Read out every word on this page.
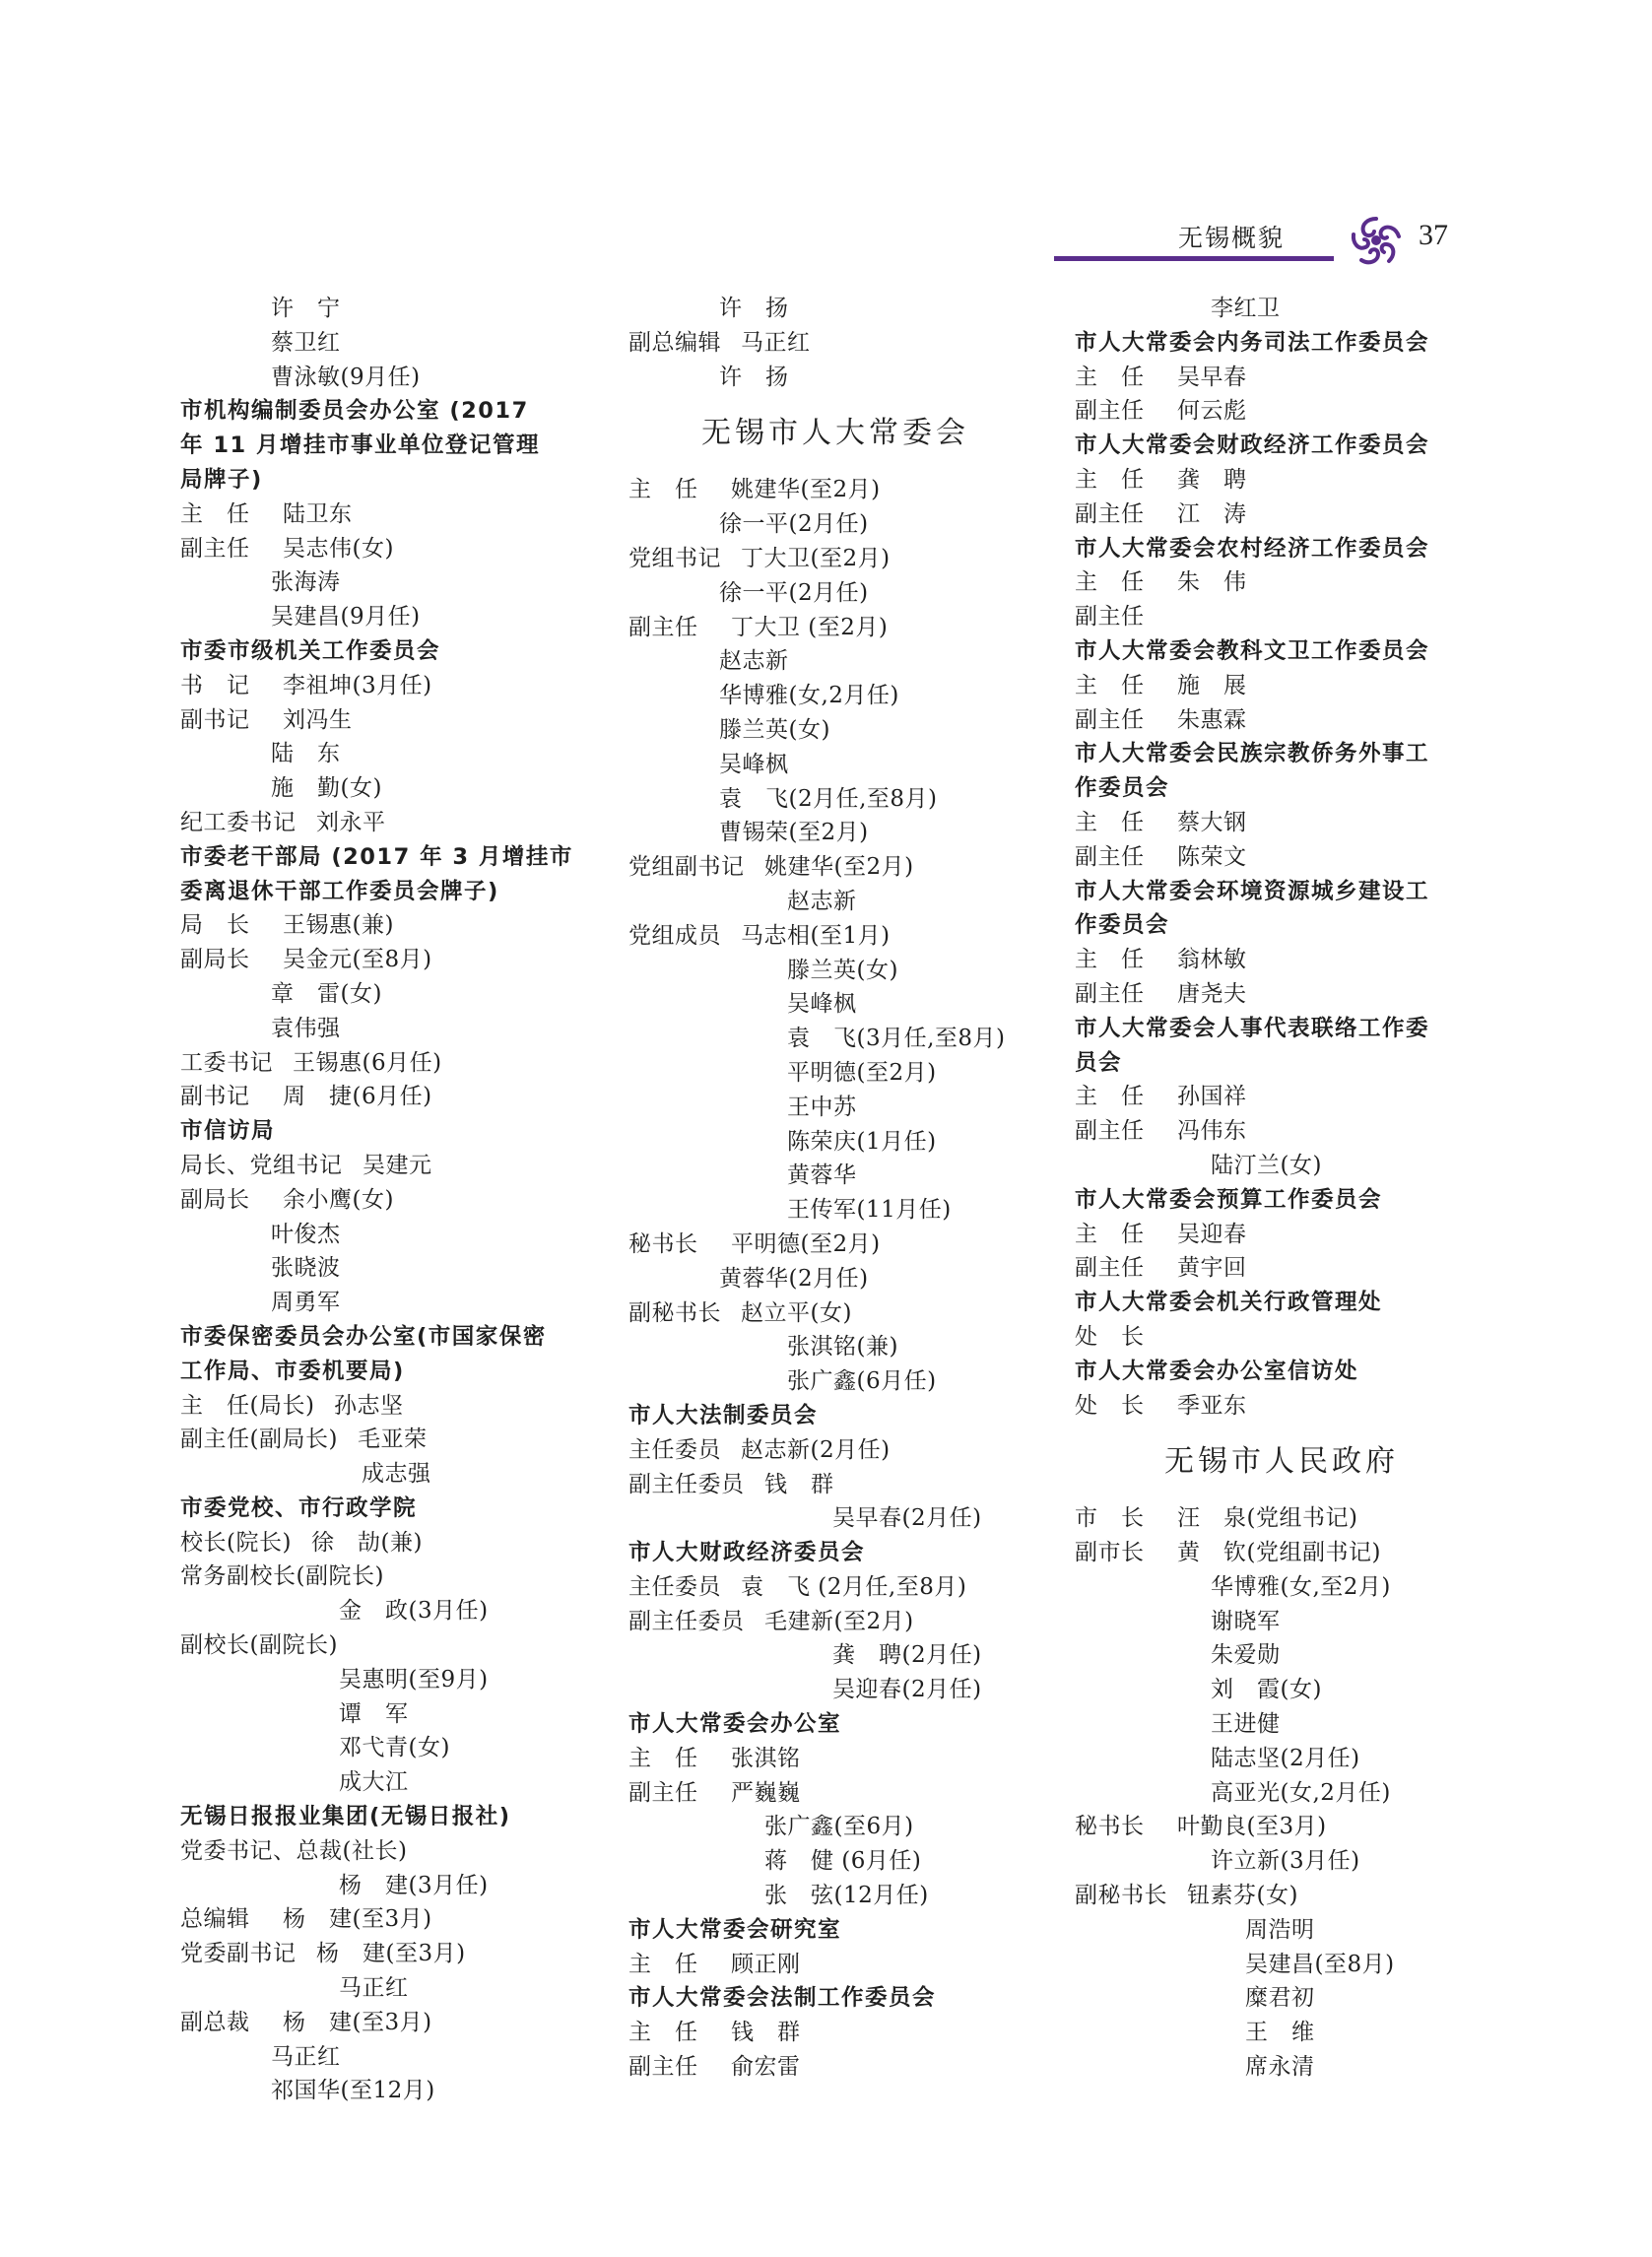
无锡概貌	37
许　宁
蔡卫红
曹泳敏(9月任)
市机构编制委员会办公室 (2017
年 11 月增挂市事业单位登记管理
局牌子)
主　任 陆卫东
副主任 吴志伟(女)
张海涛
吴建昌(9月任)
市委市级机关工作委员会
书　记 李祖坤(3月任)
副书记 刘冯生
陆　东
施　勤(女)
纪工委书记 刘永平
市委老干部局 (2017 年 3 月增挂市
委离退休干部工作委员会牌子)
局　长 王锡惠(兼)
副局长 吴金元(至8月)
章　雷(女)
袁伟强
工委书记 王锡惠(6月任)
副书记 周　捷(6月任)
市信访局
局长、党组书记 吴建元
副局长 余小鹰(女)
叶俊杰
张晓波
周勇军
市委保密委员会办公室(市国家保密
工作局、市委机要局)
主　任(局长) 孙志坚
副主任(副局长) 毛亚荣
成志强
市委党校、市行政学院
校长(院长) 徐　劼(兼)
常务副校长(副院长)
金　政(3月任)
副校长(副院长)
吴惠明(至9月)
谭　军
邓弋青(女)
成大江
无锡日报报业集团(无锡日报社)
党委书记、总裁(社长)
杨　建(3月任)
总编辑 杨　建(至3月)
党委副书记 杨　建(至3月)
马正红
副总裁 杨　建(至3月)
马正红
祁国华(至12月)
许　扬
副总编辑 马正红
许　扬
无锡市人大常委会
主　任 姚建华(至2月)
徐一平(2月任)
党组书记 丁大卫(至2月)
徐一平(2月任)
副主任 丁大卫 (至2月)
赵志新
华博雅(女,2月任)
滕兰英(女)
吴峰枫
袁　飞(2月任,至8月)
曹锡荣(至2月)
党组副书记 姚建华(至2月)
赵志新
党组成员 马志相(至1月)
滕兰英(女)
吴峰枫
袁　飞(3月任,至8月)
平明德(至2月)
王中苏
陈荣庆(1月任)
黄蓉华
王传军(11月任)
秘书长 平明德(至2月)
黄蓉华(2月任)
副秘书长 赵立平(女)
张淇铭(兼)
张广鑫(6月任)
市人大法制委员会
主任委员 赵志新(2月任)
副主任委员 钱　群
吴早春(2月任)
市人大财政经济委员会
主任委员 袁　飞 (2月任,至8月)
副主任委员 毛建新(至2月)
龚　聘(2月任)
吴迎春(2月任)
市人大常委会办公室
主　任 张淇铭
副主任 严巍巍
张广鑫(至6月)
蒋　健 (6月任)
张　弦(12月任)
市人大常委会研究室
主　任 顾正刚
市人大常委会法制工作委员会
主　任 钱　群
副主任 俞宏雷
李红卫
市人大常委会内务司法工作委员会
主　任 吴早春
副主任 何云彪
市人大常委会财政经济工作委员会
主　任 龚　聘
副主任 江　涛
市人大常委会农村经济工作委员会
主　任 朱　伟
副主任
市人大常委会教科文卫工作委员会
主　任 施　展
副主任 朱惠霖
市人大常委会民族宗教侨务外事工
作委员会
主　任 蔡大钢
副主任 陈荣文
市人大常委会环境资源城乡建设工
作委员会
主　任 翁林敏
副主任 唐尧夫
市人大常委会人事代表联络工作委
员会
主　任 孙国祥
副主任 冯伟东
陆汀兰(女)
市人大常委会预算工作委员会
主　任 吴迎春
副主任 黄宇回
市人大常委会机关行政管理处
处　长
市人大常委会办公室信访处
处　长 季亚东
无锡市人民政府
市　长 汪　泉(党组书记)
副市长 黄　钦(党组副书记)
华博雅(女,至2月)
谢晓军
朱爱勋
刘　霞(女)
王进健
陆志坚(2月任)
高亚光(女,2月任)
秘书长 叶勤良(至3月)
许立新(3月任)
副秘书长 钮素芬(女)
周浩明
吴建昌(至8月)
糜君初
王　维
席永清
